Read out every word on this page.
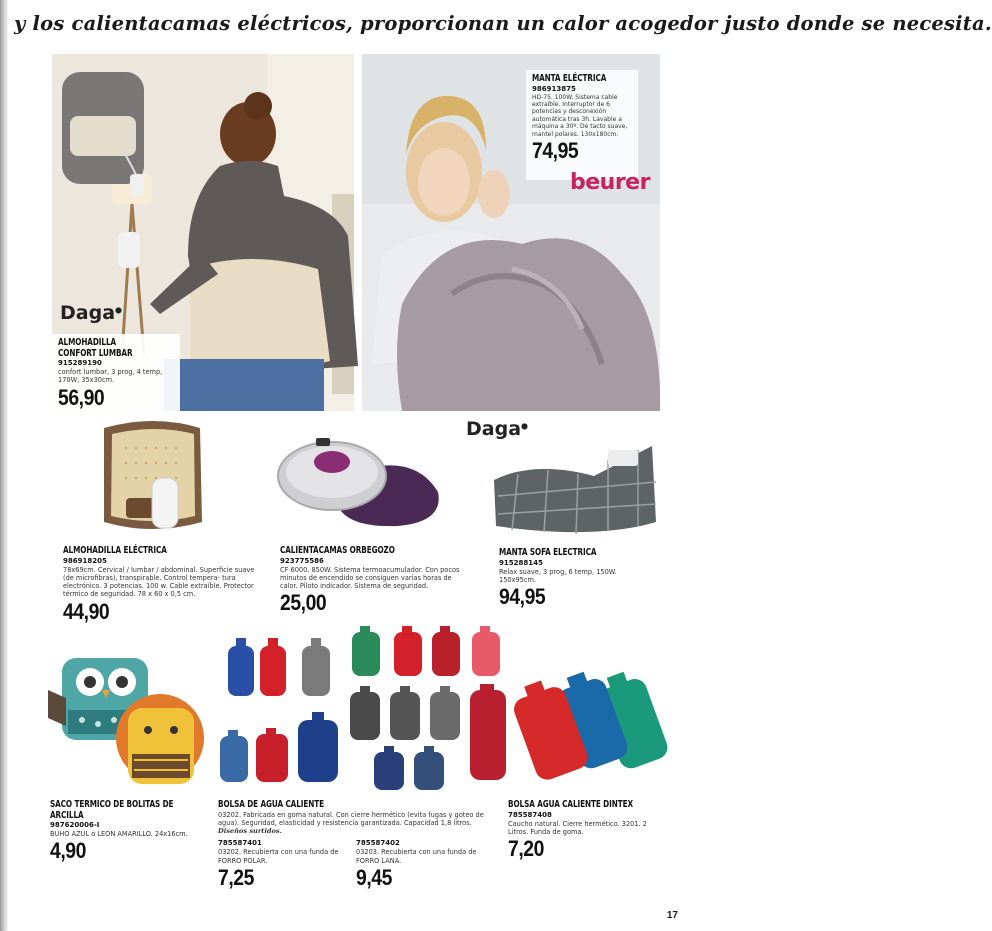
y los calientacamas eléctricos, proporcionan un calor acogedor justo donde se necesita.
Daga●
ALMOHADILLA CONFORT LUMBAR
915289190
confort lumbar, 3 prog, 4 temp, 170W, 35x30cm.
56,90
MANTA ELÉCTRICA
986913875
HD-75. 100W. Sistema cable extraíble. Interruptor de 6 potencias y desconexión automática tras 3h. Lavable a máquina a 30º. De tacto suave, mantel polares. 130x180cm.
74,95
beurer
Daga●
ALMOHADILLA ELÉCTRICA
986918205
78x69cm. Cervical / lumbar / abdominal. Superficie suave (de microfibras), transpirable. Control tempera- tura electrónico. 3 potencias. 100 w. Cable extraíble. Protector térmico de seguridad. 78 x 60 x 0,5 cm.
44,90
CALIENTACAMAS ORBEGOZO
923775586
CF 6000. 850W. Sistema termoacumulador. Con pocos minutos de encendido se consiguen varias horas de calor. Piloto indicador. Sistema de seguridad.
25,00
MANTA SOFA ELECTRICA
915288145
Relax suave, 3 prog, 6 temp, 150W. 150x95cm.
94,95
SACO TERMICO DE BOLITAS DE ARCILLA
987620006-I
BUHO AZUL o LEON AMARILLO. 24x16cm.
4,90
BOLSA DE AGUA CALIENTE
03202. Fabricada en goma natural. Con cierre hermético (evita fugas y goteo de agua). Seguridad, elasticidad y resistencia garantizada. Capacidad 1,8 litros. Diseños surtidos.
785587401
03202. Recubierta con una funda de FORRO POLAR.
7,25
785587402
03203. Recubierta con una funda de FORRO LANA.
9,45
BOLSA AGUA CALIENTE DINTEX
785587408
Caucho natural. Cierre hermético. 3201. 2 Litros. Funda de goma.
7,20
17
